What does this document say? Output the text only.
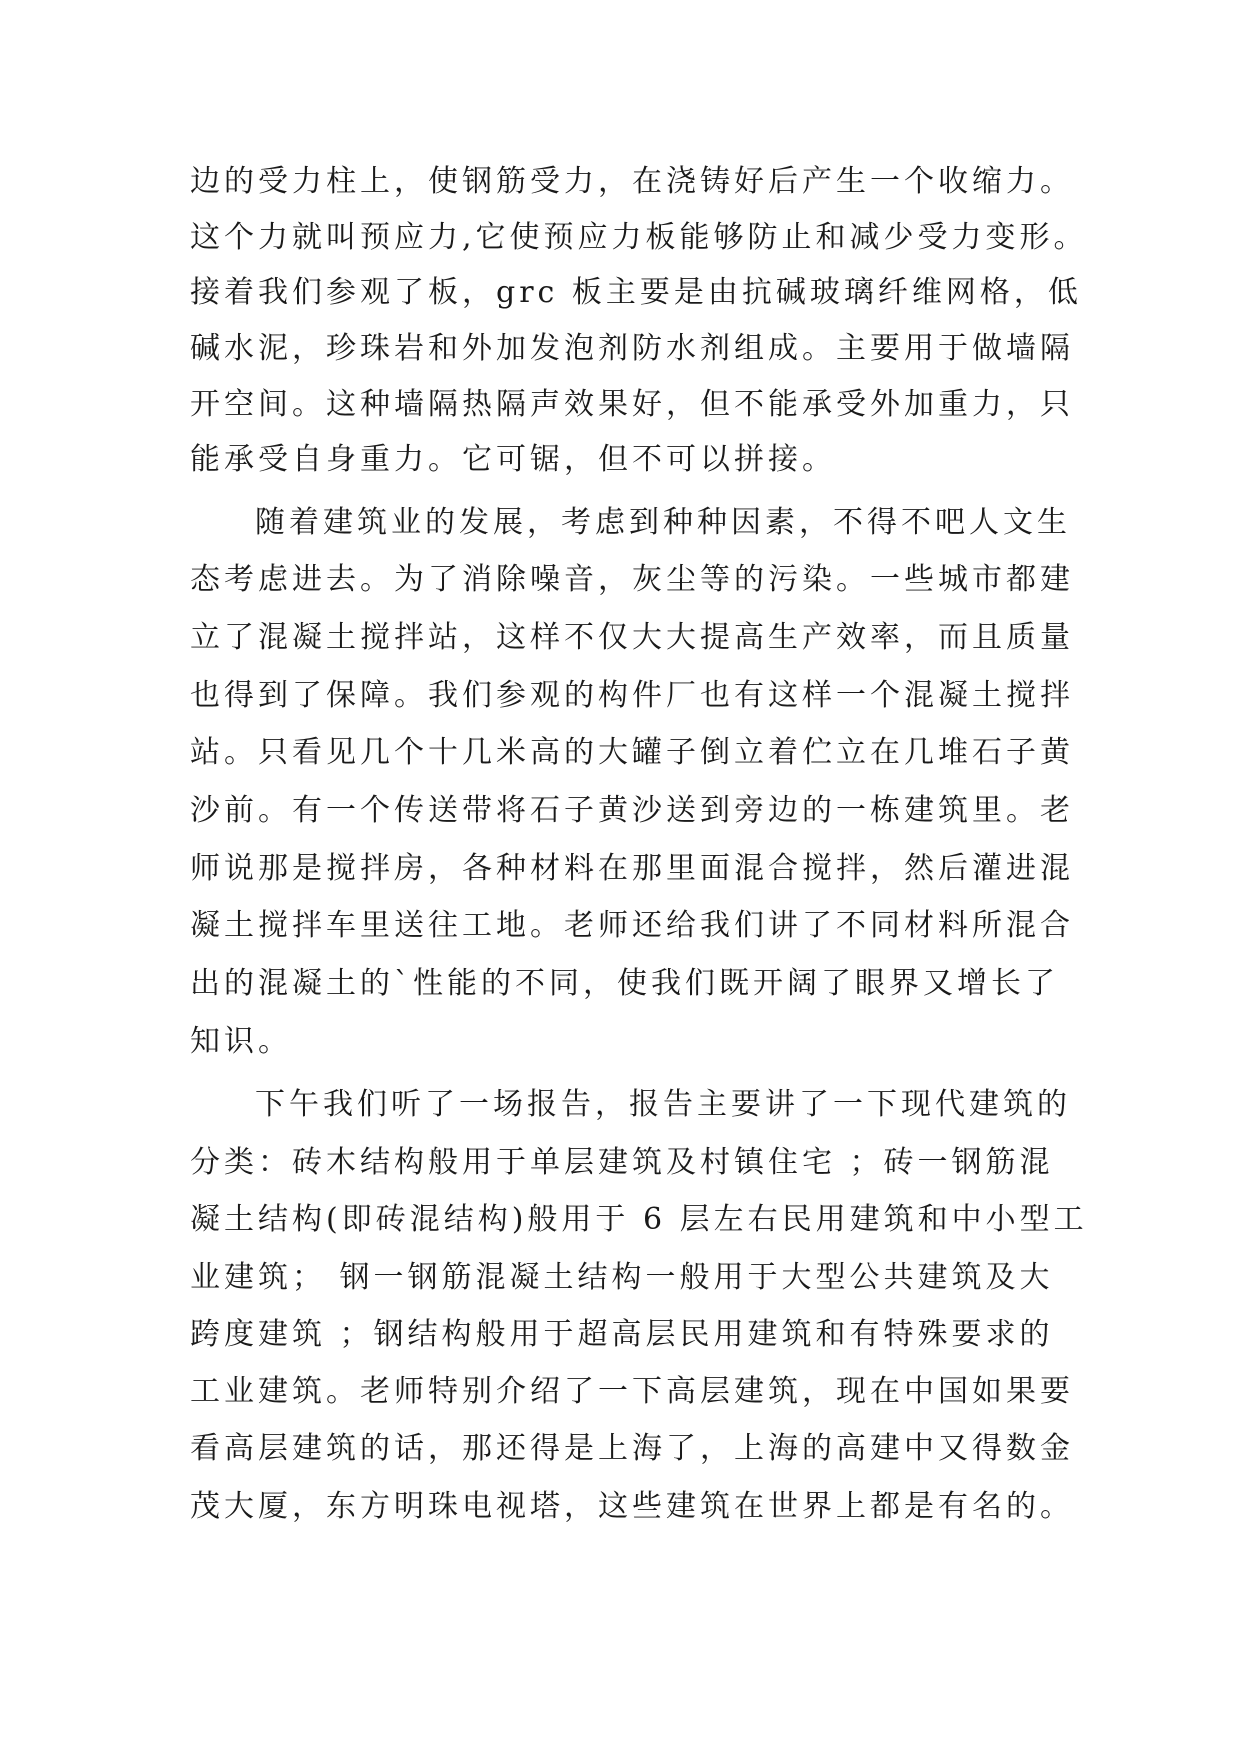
边的受力柱上，使钢筋受力，在浇铸好后产生一个收缩力。

这个力就叫预应力,它使预应力板能够防止和减少受力变形。

接着我们参观了板，grc 板主要是由抗碱玻璃纤维网格，低

碱水泥，珍珠岩和外加发泡剂防水剂组成。主要用于做墙隔

开空间。这种墙隔热隔声效果好，但不能承受外加重力，只

能承受自身重力。它可锯，但不可以拼接。

随着建筑业的发展，考虑到种种因素，不得不吧人文生

态考虑进去。为了消除噪音，灰尘等的污染。一些城市都建

立了混凝土搅拌站，这样不仅大大提高生产效率，而且质量

也得到了保障。我们参观的构件厂也有这样一个混凝土搅拌

站。只看见几个十几米高的大罐子倒立着伫立在几堆石子黄

沙前。有一个传送带将石子黄沙送到旁边的一栋建筑里。老

师说那是搅拌房，各种材料在那里面混合搅拌，然后灌进混

凝土搅拌车里送往工地。老师还给我们讲了不同材料所混合

出的混凝土的`性能的不同，使我们既开阔了眼界又增长了

知识。

下午我们听了一场报告，报告主要讲了一下现代建筑的

分类：砖木结构般用于单层建筑及村镇住宅 ；砖一钢筋混

凝土结构(即砖混结构)般用于 6 层左右民用建筑和中小型工

业建筑； 钢一钢筋混凝土结构一般用于大型公共建筑及大

跨度建筑 ；钢结构般用于超高层民用建筑和有特殊要求的

工业建筑。老师特别介绍了一下高层建筑，现在中国如果要

看高层建筑的话，那还得是上海了，上海的高建中又得数金

茂大厦，东方明珠电视塔，这些建筑在世界上都是有名的。
